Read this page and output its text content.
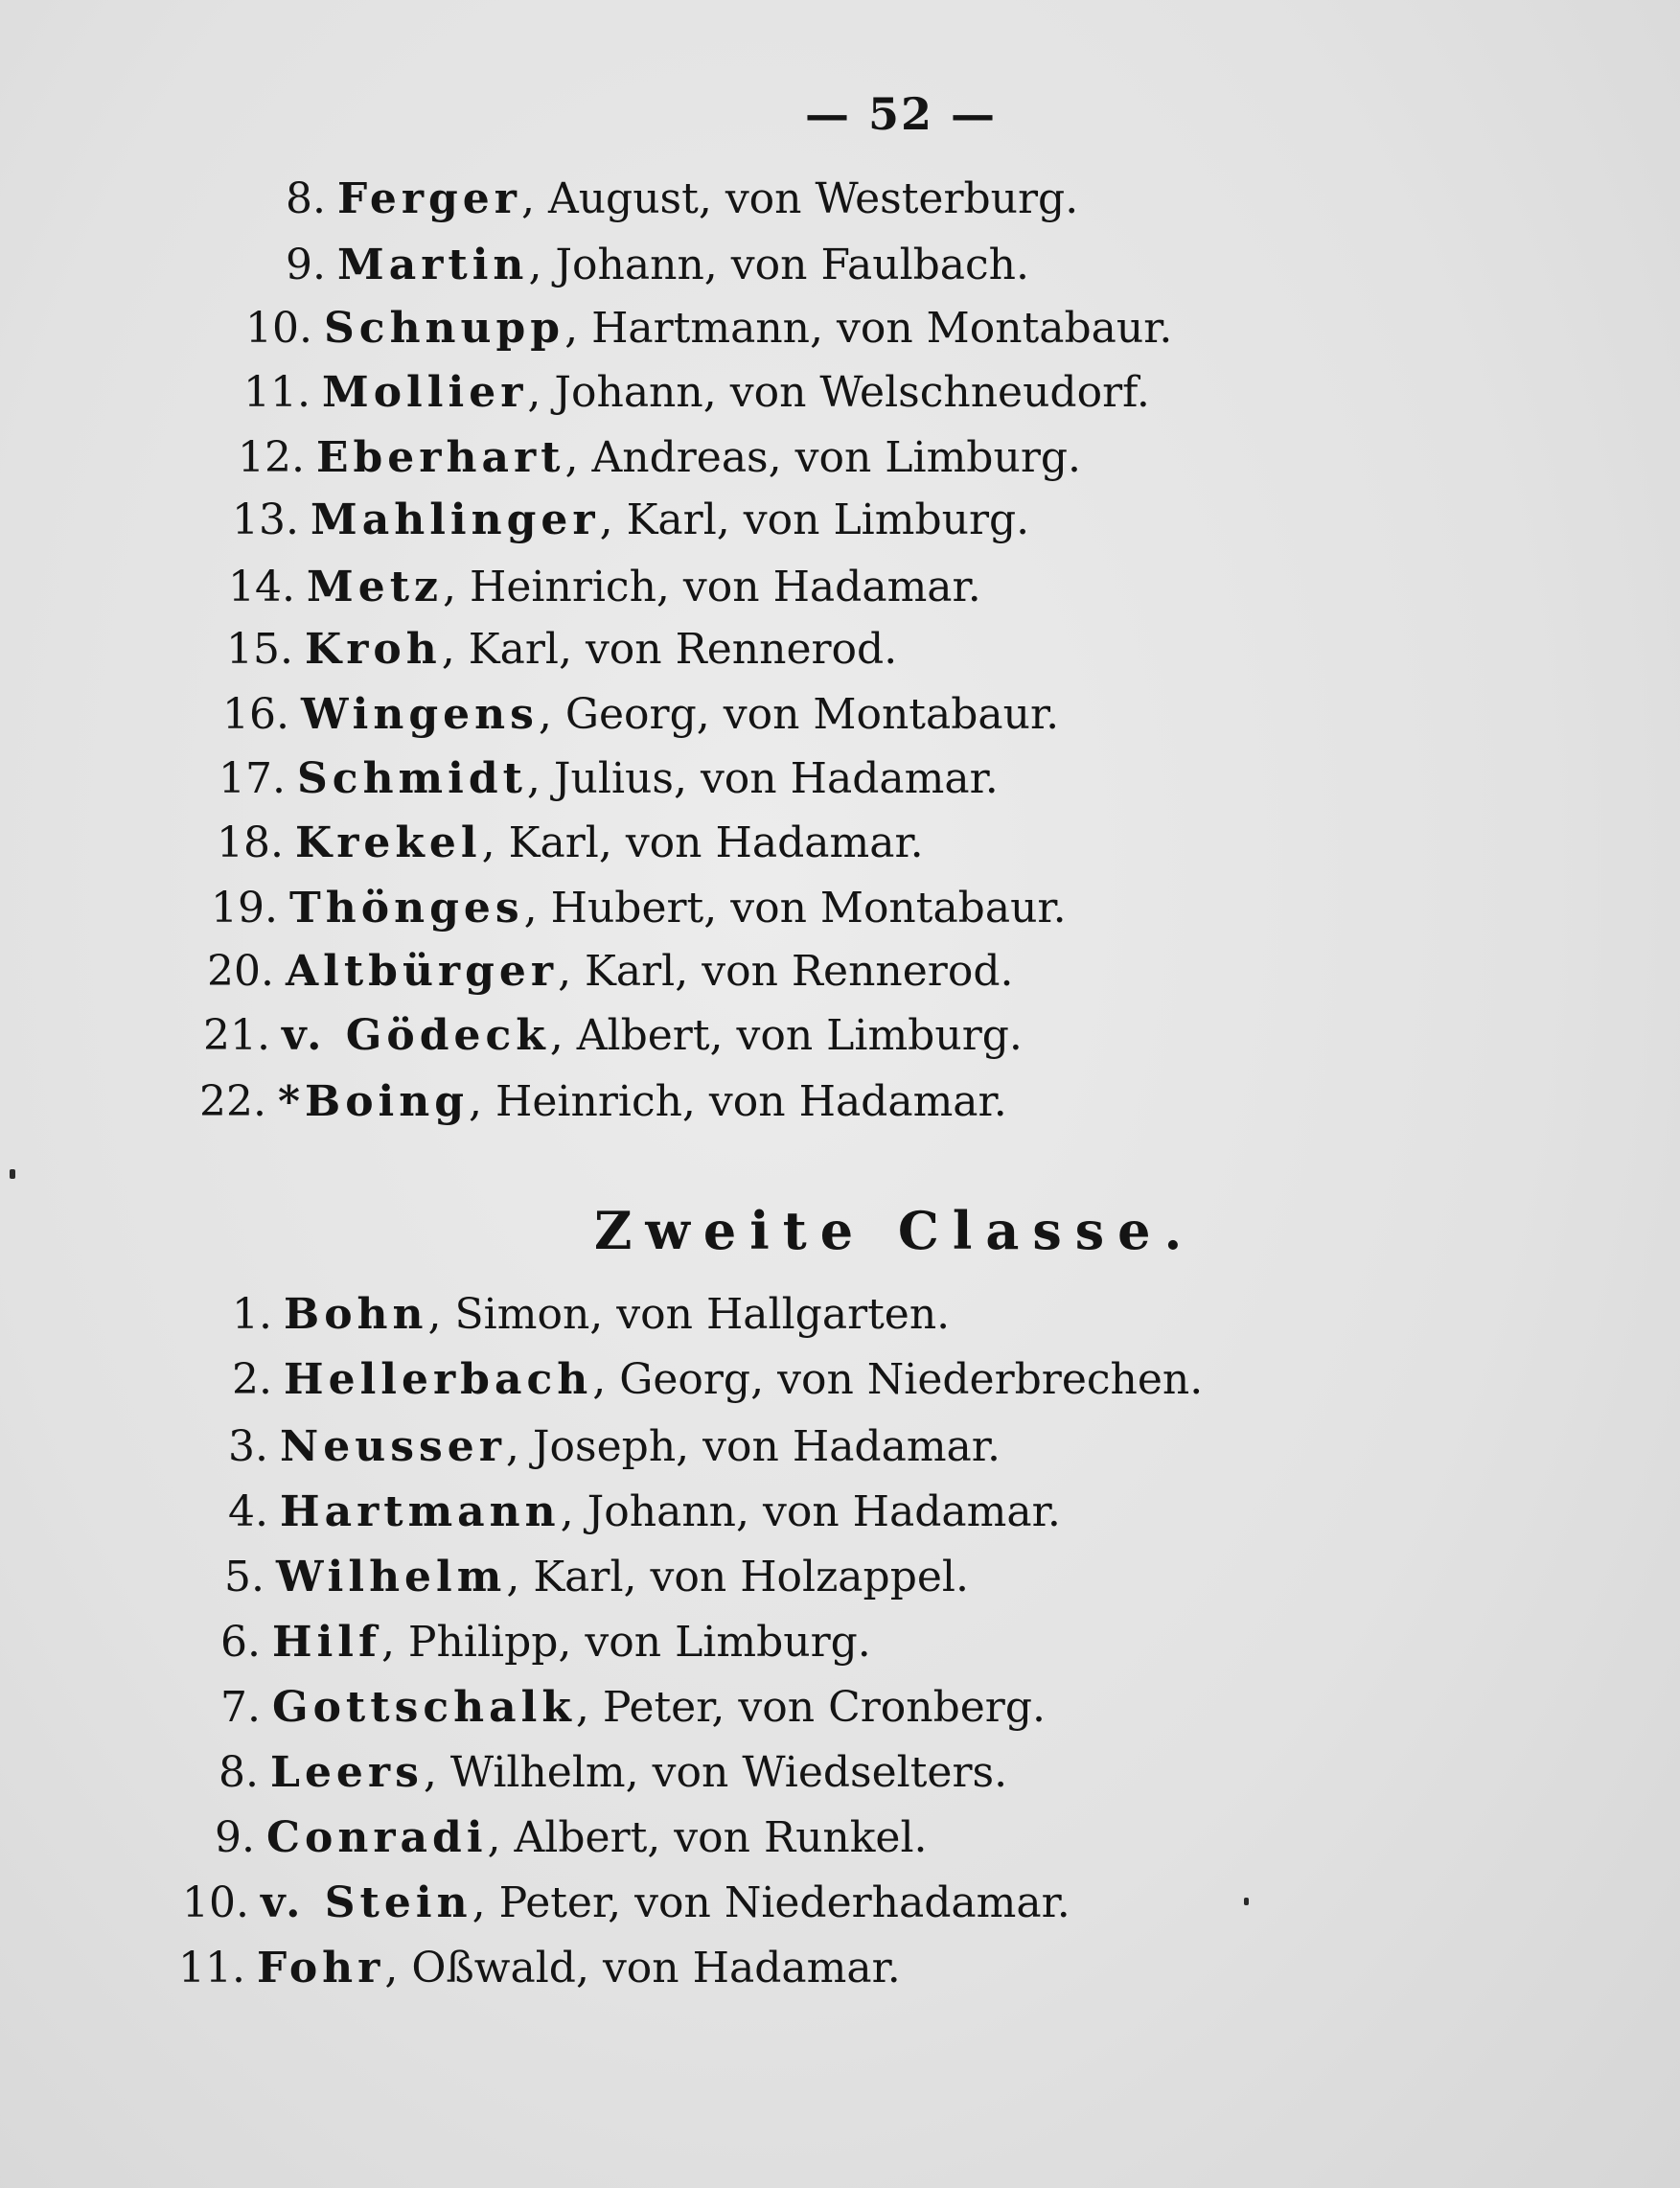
— 52 —
8. Ferger, August, von Westerburg.
9. Martin, Johann, von Faulbach.
10. Schnupp, Hartmann, von Montabaur.
11. Mollier, Johann, von Welschneudorf.
12. Eberhart, Andreas, von Limburg.
13. Mahlinger, Karl, von Limburg.
14. Metz, Heinrich, von Hadamar.
15. Kroh, Karl, von Rennerod.
16. Wingens, Georg, von Montabaur.
17. Schmidt, Julius, von Hadamar.
18. Krekel, Karl, von Hadamar.
19. Thönges, Hubert, von Montabaur.
20. Altbürger, Karl, von Rennerod.
21. v. Gödeck, Albert, von Limburg.
22. *Boing, Heinrich, von Hadamar.
Zweite Classe.
1. Bohn, Simon, von Hallgarten.
2. Hellerbach, Georg, von Niederbrechen.
3. Neusser, Joseph, von Hadamar.
4. Hartmann, Johann, von Hadamar.
5. Wilhelm, Karl, von Holzappel.
6. Hilf, Philipp, von Limburg.
7. Gottschalk, Peter, von Cronberg.
8. Leers, Wilhelm, von Wiedselters.
9. Conradi, Albert, von Runkel.
10. v. Stein, Peter, von Niederhadamar.
11. Fohr, Oßwald, von Hadamar.
